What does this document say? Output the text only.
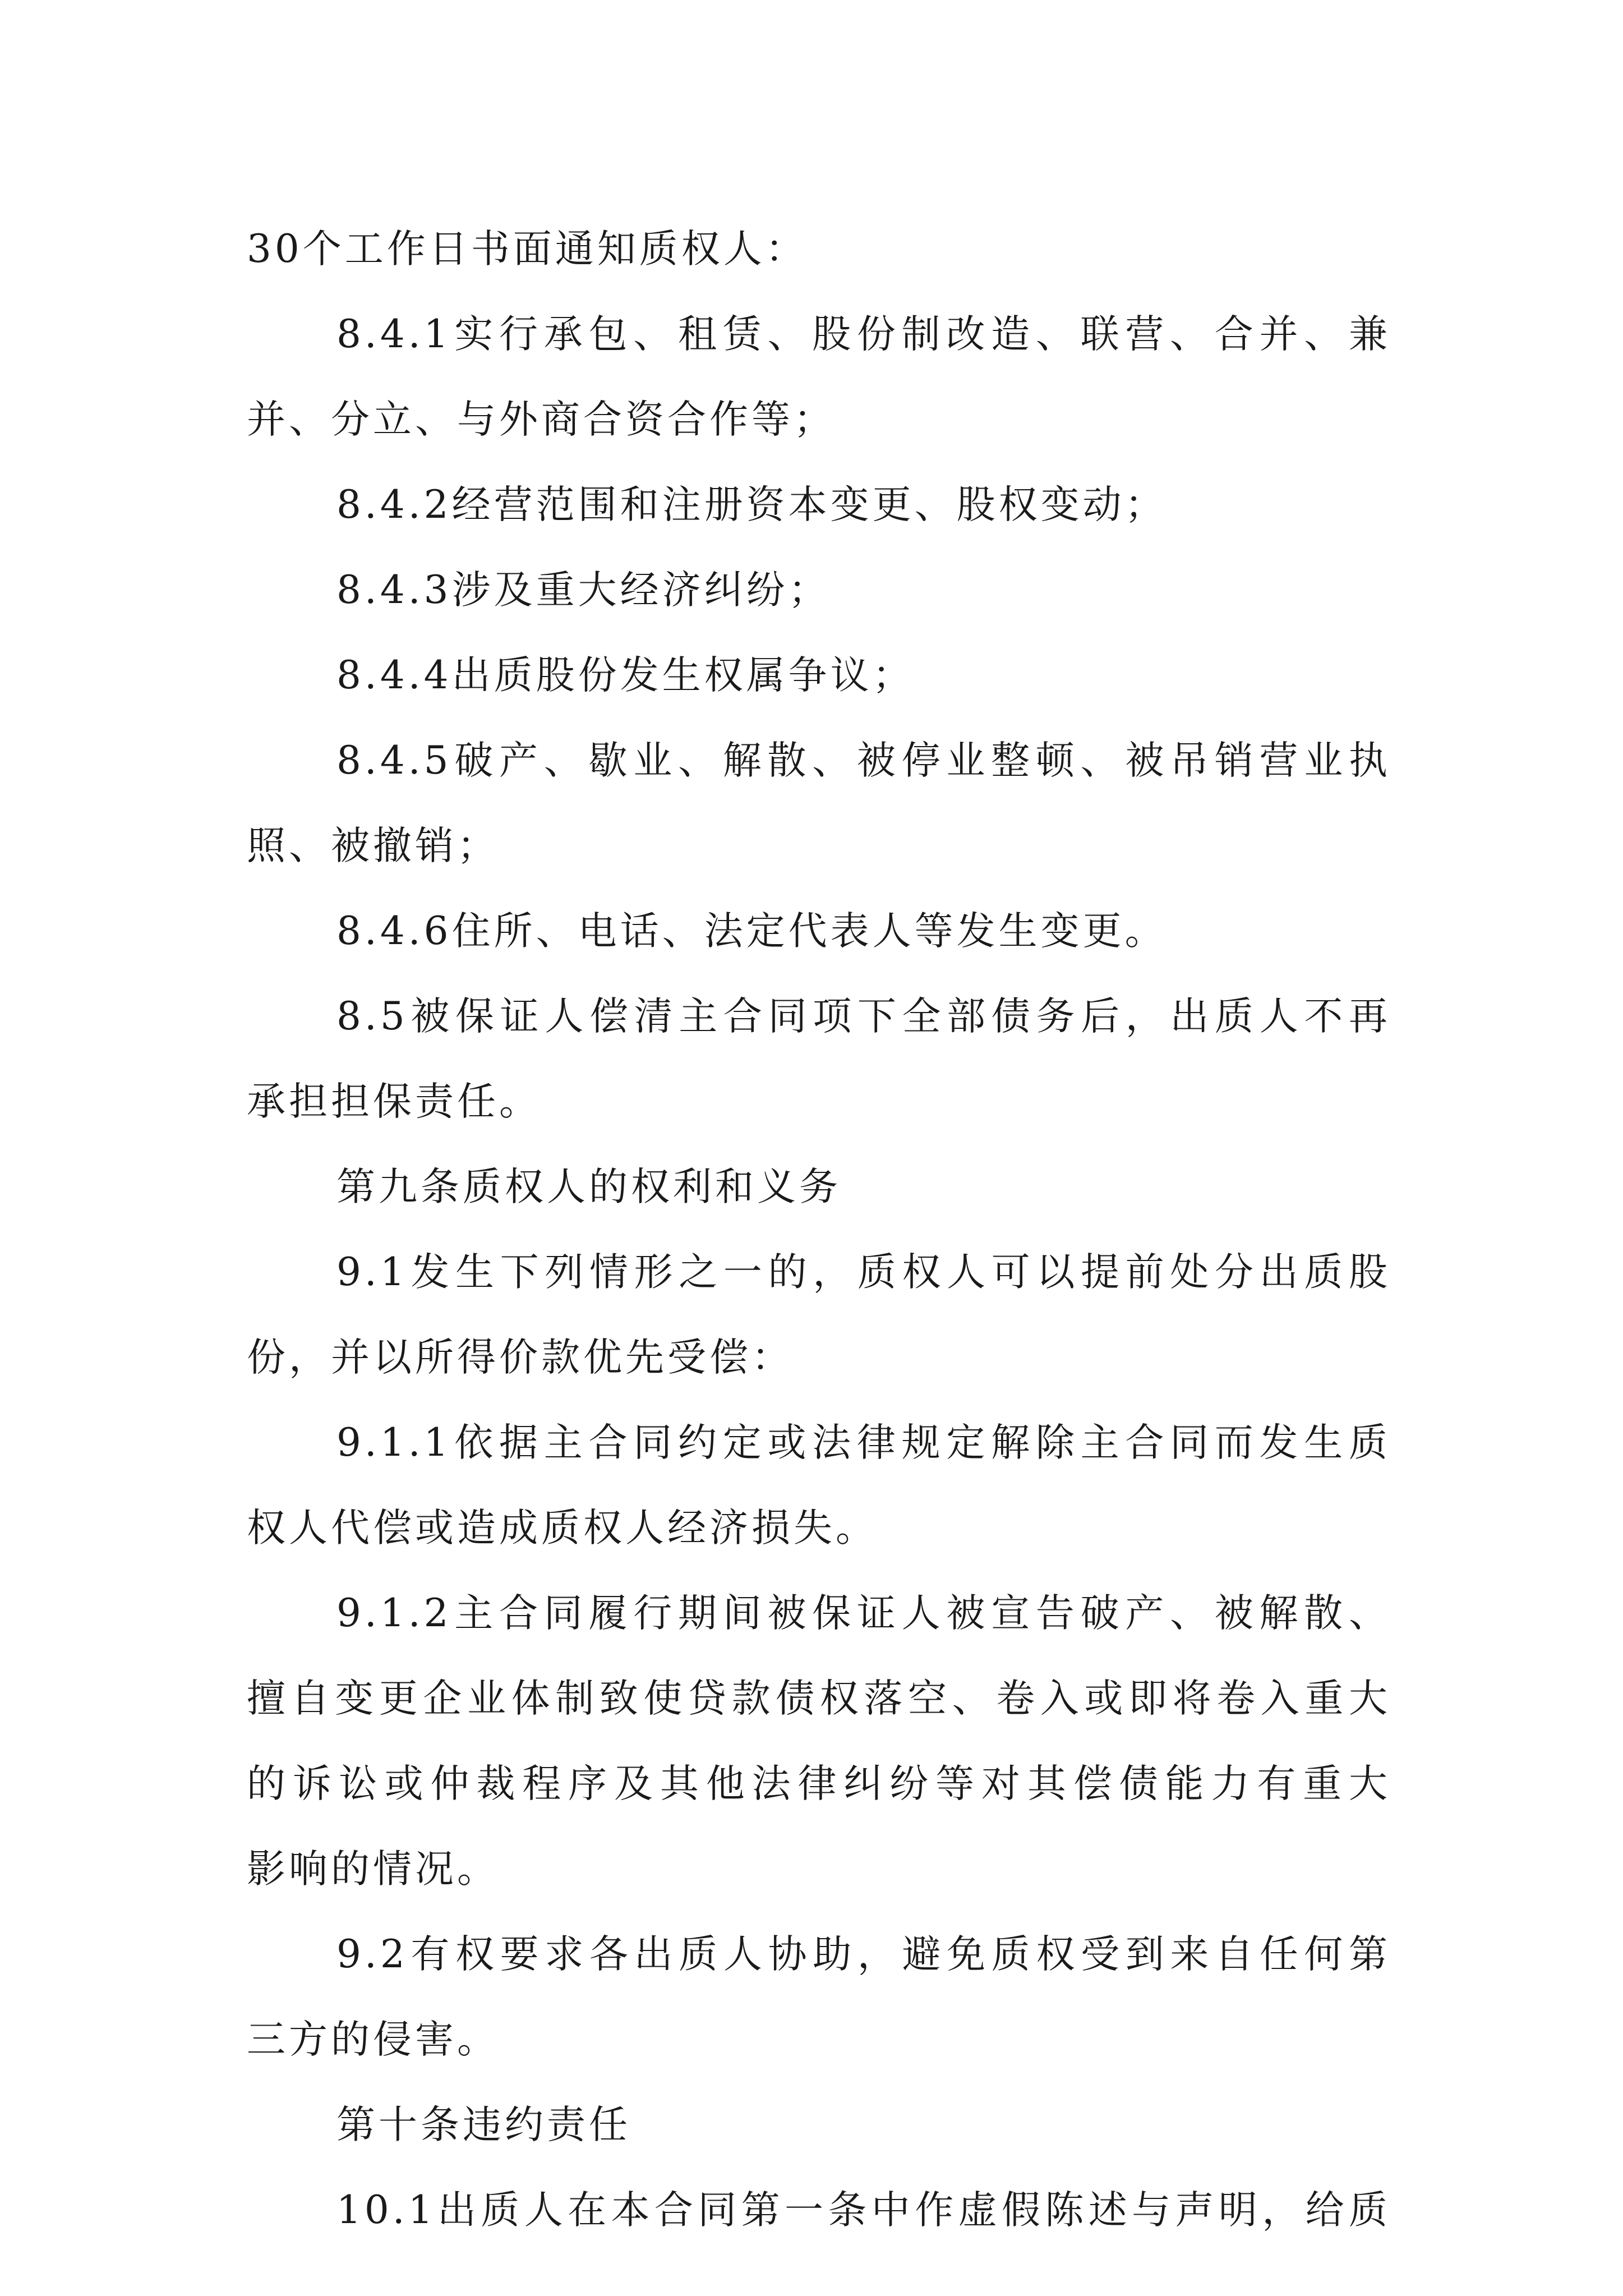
30个工作日书面通知质权人：
8.4.1实行承包、租赁、股份制改造、联营、合并、兼
并、分立、与外商合资合作等；
8.4.2经营范围和注册资本变更、股权变动；
8.4.3涉及重大经济纠纷；
8.4.4出质股份发生权属争议；
8.4.5破产、歇业、解散、被停业整顿、被吊销营业执
照、被撤销；
8.4.6住所、电话、法定代表人等发生变更。
8.5被保证人偿清主合同项下全部债务后，出质人不再
承担担保责任。
第九条质权人的权利和义务
9.1发生下列情形之一的，质权人可以提前处分出质股
份，并以所得价款优先受偿：
9.1.1依据主合同约定或法律规定解除主合同而发生质
权人代偿或造成质权人经济损失。
9.1.2主合同履行期间被保证人被宣告破产、被解散、
擅自变更企业体制致使贷款债权落空、卷入或即将卷入重大
的诉讼或仲裁程序及其他法律纠纷等对其偿债能力有重大
影响的情况。
9.2有权要求各出质人协助，避免质权受到来自任何第
三方的侵害。
第十条违约责任
10.1出质人在本合同第一条中作虚假陈述与声明，给质
